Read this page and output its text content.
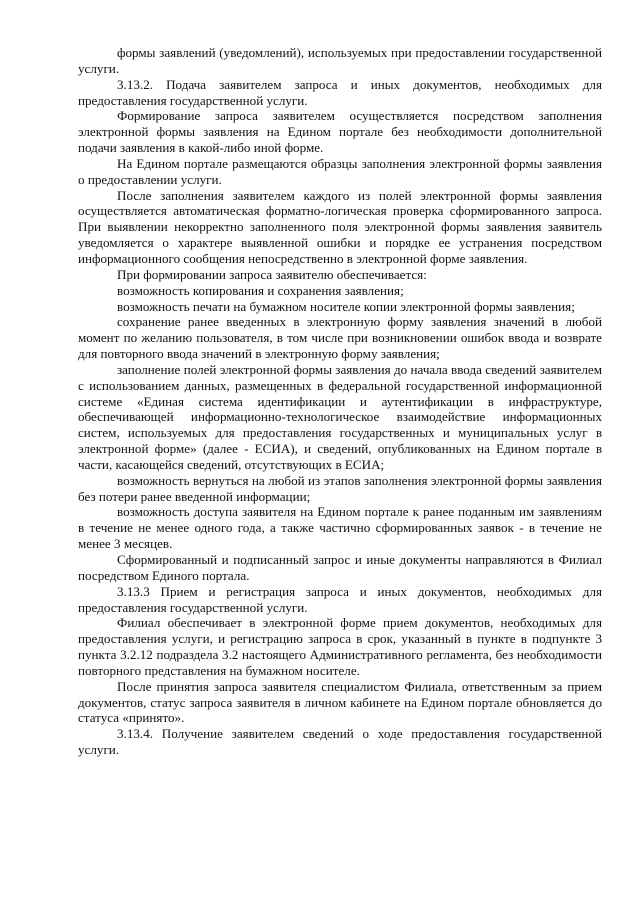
формы заявлений (уведомлений), используемых при предоставлении государственной услуги.

3.13.2. Подача заявителем запроса и иных документов, необходимых для предоставления государственной услуги.

Формирование запроса заявителем осуществляется посредством заполнения электронной формы заявления на Едином портале без необходимости дополнительной подачи заявления в какой-либо иной форме.

На Едином портале размещаются образцы заполнения электронной формы заявления о предоставлении услуги.

После заполнения заявителем каждого из полей электронной формы заявления осуществляется автоматическая форматно-логическая проверка сформированного запроса. При выявлении некорректно заполненного поля электронной формы заявления заявитель уведомляется о характере выявленной ошибки и порядке ее устранения посредством информационного сообщения непосредственно в электронной форме заявления.

При формировании запроса заявителю обеспечивается:

возможность копирования и сохранения заявления;

возможность печати на бумажном носителе копии электронной формы заявления;

сохранение ранее введенных в электронную форму заявления значений в любой момент по желанию пользователя, в том числе при возникновении ошибок ввода и возврате для повторного ввода значений в электронную форму заявления;

заполнение полей электронной формы заявления до начала ввода сведений заявителем с использованием данных, размещенных в федеральной государственной информационной системе «Единая система идентификации и аутентификации в инфраструктуре, обеспечивающей информационно-технологическое взаимодействие информационных систем, используемых для предоставления государственных и муниципальных услуг в электронной форме» (далее - ЕСИА), и сведений, опубликованных на Едином портале в части, касающейся сведений, отсутствующих в ЕСИА;

возможность вернуться на любой из этапов заполнения электронной формы заявления без потери ранее введенной информации;

возможность доступа заявителя на Едином портале к ранее поданным им заявлениям в течение не менее одного года, а также частично сформированных заявок - в течение не менее 3 месяцев.

Сформированный и подписанный запрос и иные документы направляются в Филиал посредством Единого портала.

3.13.3 Прием и регистрация запроса и иных документов, необходимых для предоставления государственной услуги.

Филиал обеспечивает в электронной форме прием документов, необходимых для предоставления услуги, и регистрацию запроса в срок, указанный в пункте в подпункте 3 пункта 3.2.12 подраздела 3.2 настоящего Административного регламента, без необходимости повторного представления на бумажном носителе.

После принятия запроса заявителя специалистом Филиала, ответственным за прием документов, статус запроса заявителя в личном кабинете на Едином портале обновляется до статуса «принято».

3.13.4. Получение заявителем сведений о ходе предоставления государственной услуги.
